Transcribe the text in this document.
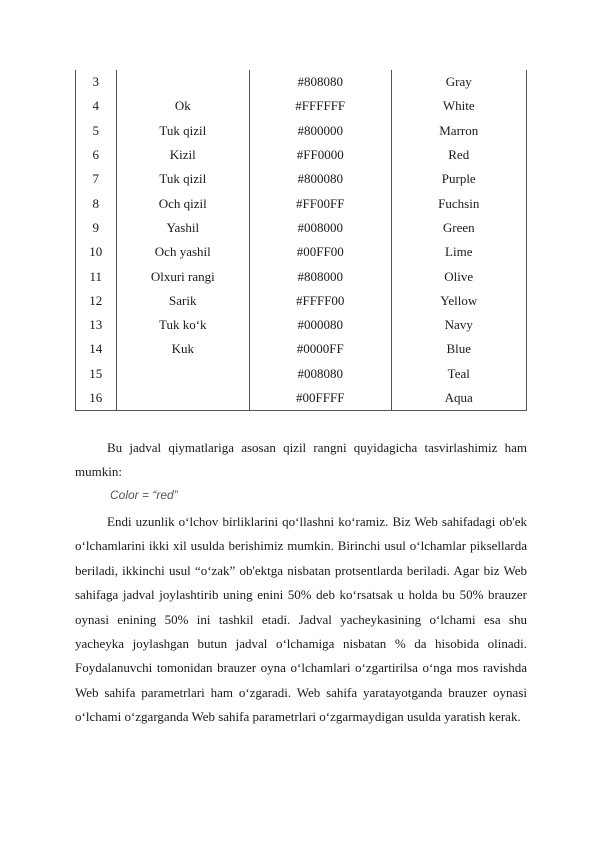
3		#808080	Gray
4	Ok	#FFFFFF	White
5	Tuk qizil	#800000	Marron
6	Kizil	#FF0000	Red
7	Tuk qizil	#800080	Purple
8	Och qizil	#FF00FF	Fuchsin
9	Yashil	#008000	Green
10	Och yashil	#00FF00	Lime
11	Olxuri rangi	#808000	Olive
12	Sarik	#FFFF00	Yellow
13	Tuk ko‘k	#000080	Navy
14	Kuk	#0000FF	Blue
15		#008080	Teal
16		#00FFFF	Aqua

Bu jadval qiymatlariga asosan qizil rangni quyidagicha tasvirlashimiz ham mumkin:

Color = “red”

Endi uzunlik o‘lchov birliklarini qo‘llashni ko‘ramiz. Biz Web sahifadagi ob'ek o‘lchamlarini ikki xil usulda berishimiz mumkin. Birinchi usul o‘lchamlar piksellarda beriladi, ikkinchi usul “o‘zak” ob'ektga nisbatan protsentlarda beriladi. Agar biz Web sahifaga jadval joylashtirib uning enini 50% deb ko‘rsatsak u holda bu 50% brauzer oynasi enining 50% ini tashkil etadi. Jadval yacheykasining o‘lchami esa shu yacheyka joylashgan butun jadval o‘lchamiga nisbatan % da hisobida olinadi. Foydalanuvchi tomonidan brauzer oyna o‘lchamlari o‘zgartirilsa o‘nga mos ravishda Web sahifa parametrlari ham o‘zgaradi. Web sahifa yaratayotganda brauzer oynasi o‘lchami o‘zgarganda Web sahifa parametrlari o‘zgarmaydigan usulda yaratish kerak.
